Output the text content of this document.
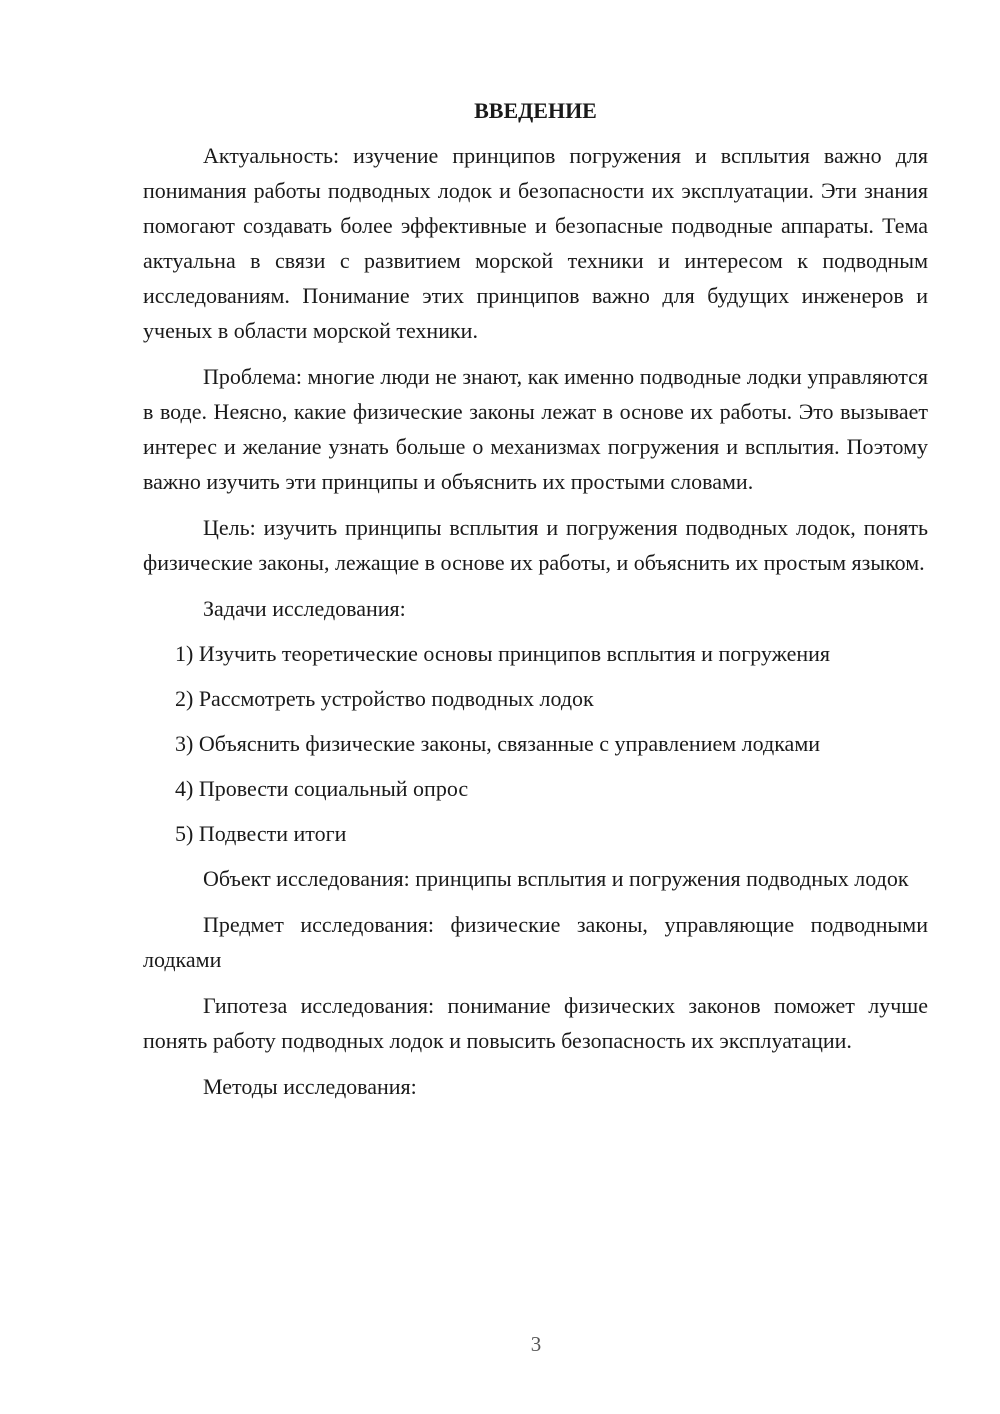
ВВЕДЕНИЕ

Актуальность: изучение принципов погружения и всплытия важно для понимания работы подводных лодок и безопасности их эксплуатации. Эти знания помогают создавать более эффективные и безопасные подводные аппараты. Тема актуальна в связи с развитием морской техники и интересом к подводным исследованиям. Понимание этих принципов важно для будущих инженеров и ученых в области морской техники.

Проблема: многие люди не знают, как именно подводные лодки управляются в воде. Неясно, какие физические законы лежат в основе их работы. Это вызывает интерес и желание узнать больше о механизмах погружения и всплытия. Поэтому важно изучить эти принципы и объяснить их простыми словами.

Цель: изучить принципы всплытия и погружения подводных лодок, понять физические законы, лежащие в основе их работы, и объяснить их простым языком.

Задачи исследования:
1) Изучить теоретические основы принципов всплытия и погружения
2) Рассмотреть устройство подводных лодок
3) Объяснить физические законы, связанные с управлением лодками
4) Провести социальный опрос
5) Подвести итоги

Объект исследования: принципы всплытия и погружения подводных лодок

Предмет исследования: физические законы, управляющие подводными лодками

Гипотеза исследования: понимание физических законов поможет лучше понять работу подводных лодок и повысить безопасность их эксплуатации.

Методы исследования:
3
